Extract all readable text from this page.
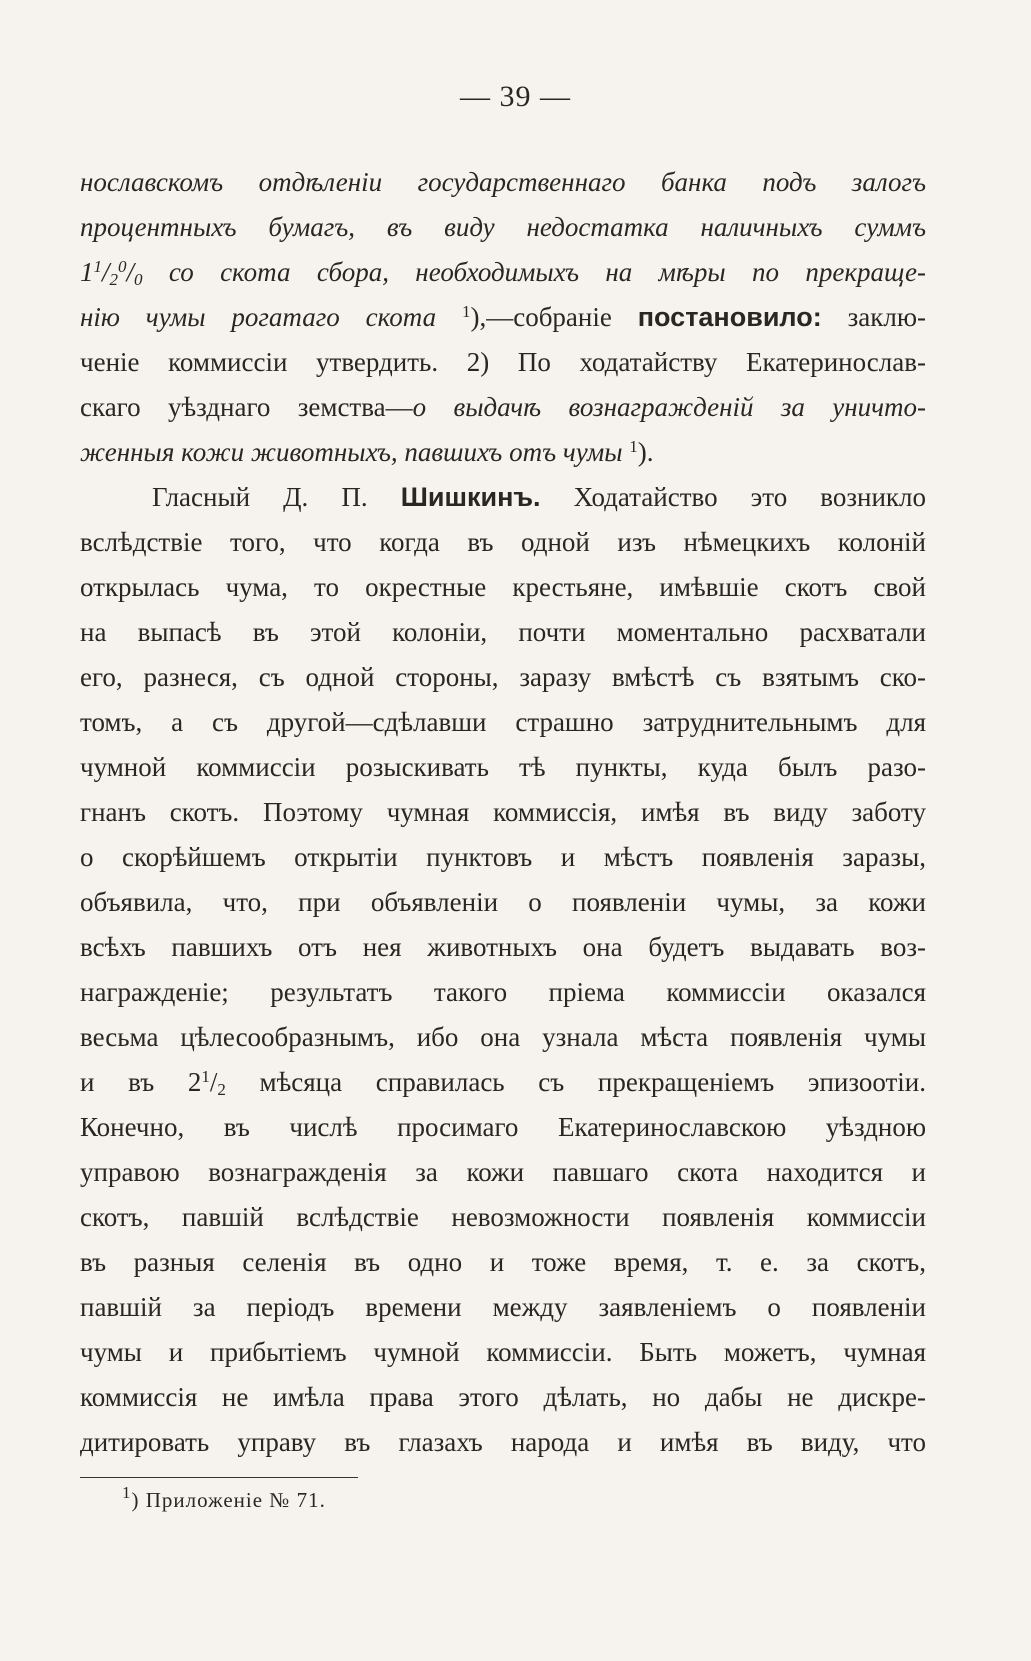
— 39 —
нославскомъ отдѣленіи государственнаго банка подъ залогъ
процентныхъ бумагъ, въ виду недостатка наличныхъ суммъ
$1^1/_2^0/_0$ со скота сбора, необходимыхъ на мѣры по прекраще-
нію чумы рогатаго скота $^1$),—собраніе постановило: заклю-
ченіе коммиссіи утвердить. 2) По ходатайству Екатеринослав-
скаго уѣзднаго земства—о выдачѣ вознагражденій за уничто-
женныя кожи животныхъ, павшихъ отъ чумы $^1$).
Гласный Д. П. Шишкинъ. Ходатайство это возникло
вслѣдствіе того, что когда въ одной изъ нѣмецкихъ колоній
открылась чума, то окрестные крестьяне, имѣвшіе скотъ свой
на выпасѣ въ этой колоніи, почти моментально расхватали
его, разнеся, съ одной стороны, заразу вмѣстѣ съ взятымъ ско-
томъ, а съ другой—сдѣлавши страшно затруднительнымъ для
чумной коммиссіи розыскивать тѣ пункты, куда былъ разо-
гнанъ скотъ. Поэтому чумная коммиссія, имѣя въ виду заботу
о скорѣйшемъ открытіи пунктовъ и мѣстъ появленія заразы,
объявила, что, при объявленіи о появленіи чумы, за кожи
всѣхъ павшихъ отъ нея животныхъ она будетъ выдавать воз-
награжденіе; результатъ такого пріема коммиссіи оказался
весьма цѣлесообразнымъ, ибо она узнала мѣста появленія чумы
и въ $2^1/_2$ мѣсяца справилась съ прекращеніемъ эпизоотіи.
Конечно, въ числѣ просимаго Екатеринославскою уѣздною
управою вознагражденія за кожи павшаго скота находится и
скотъ, павшій вслѣдствіе невозможности появленія коммиссіи
въ разныя селенія въ одно и тоже время, т. е. за скотъ,
павшій за періодъ времени между заявленіемъ о появленіи
чумы и прибытіемъ чумной коммиссіи. Быть можетъ, чумная
коммиссія не имѣла права этого дѣлать, но дабы не дискре-
дитировать управу въ глазахъ народа и имѣя въ виду, что
$^1$) Приложеніе № 71.
